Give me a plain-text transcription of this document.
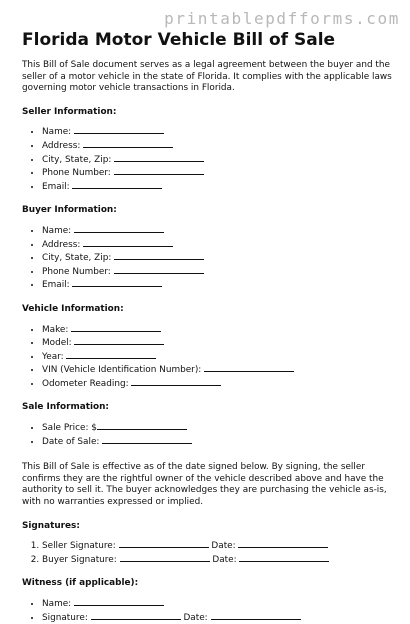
printablepdfforms.com
Florida Motor Vehicle Bill of Sale

This Bill of Sale document serves as a legal agreement between the buyer and the seller of a motor vehicle in the state of Florida. It complies with the applicable laws governing motor vehicle transactions in Florida.

Seller Information:

• Name:
• Address:
• City, State, Zip:
• Phone Number:
• Email:

Buyer Information:

• Name:
• Address:
• City, State, Zip:
• Phone Number:
• Email:

Vehicle Information:

• Make:
• Model:
• Year:
• VIN (Vehicle Identification Number):
• Odometer Reading:

Sale Information:

• Sale Price: $
• Date of Sale:

This Bill of Sale is effective as of the date signed below. By signing, the seller confirms they are the rightful owner of the vehicle described above and have the authority to sell it. The buyer acknowledges they are purchasing the vehicle as-is, with no warranties expressed or implied.

Signatures:

1. Seller Signature:	Date:
2. Buyer Signature:	Date:

Witness (if applicable):

• Name:
• Signature:	Date:
